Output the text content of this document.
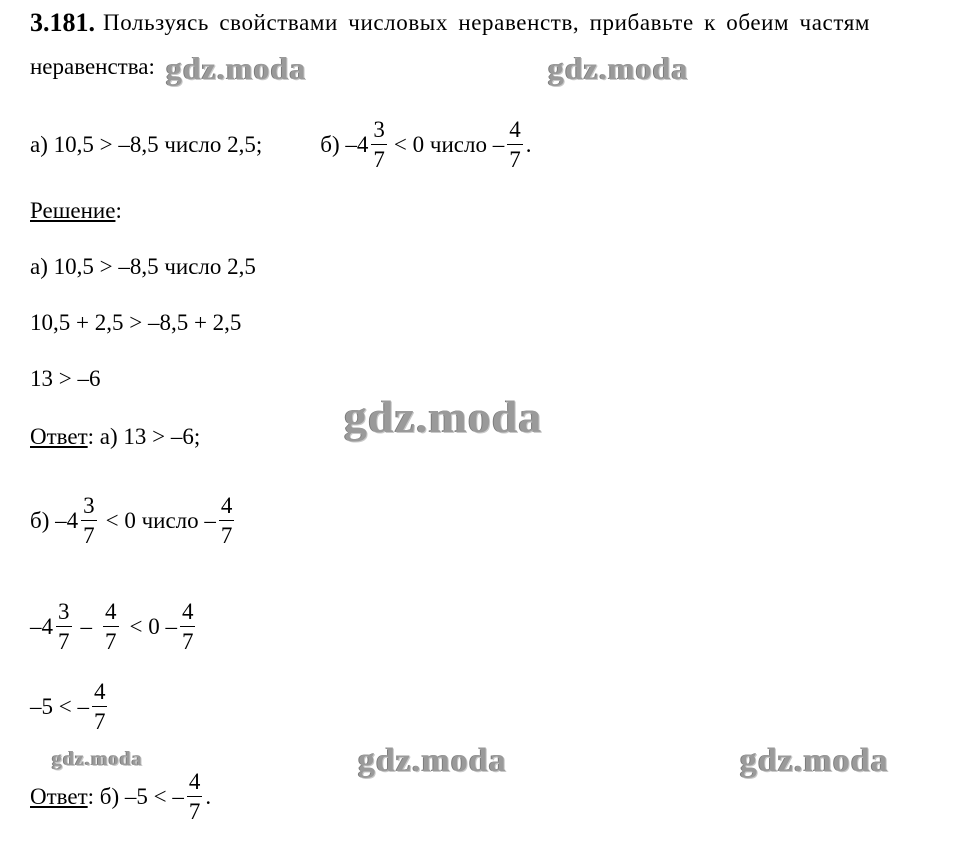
3.181. Пользуясь свойствами числовых неравенств, прибавьте к обеим частям
неравенства:
а) 10,5 > –8,5 число 2,5;	б) $-4 \frac{3}{7} < 0$ число – $\frac{4}{7}$ .
Решение :
а) 10,5 > –8,5 число 2,5
10,5 + 2,5 > –8,5 + 2,5
13 > –6
Ответ : а) 13 > –6;
б) $-4 \frac{3}{7} < 0$ число – $\frac{4}{7}$
$-4 \frac{3}{7} - \frac{4}{7} < 0 - \frac{4}{7}$
–5 < – $\frac{4}{7}$
Ответ : б) –5 < – $\frac{4}{7}$ .
gdz.moda	gdz.moda
gdz.moda
gdz.moda	gdz.moda	gdz.moda
